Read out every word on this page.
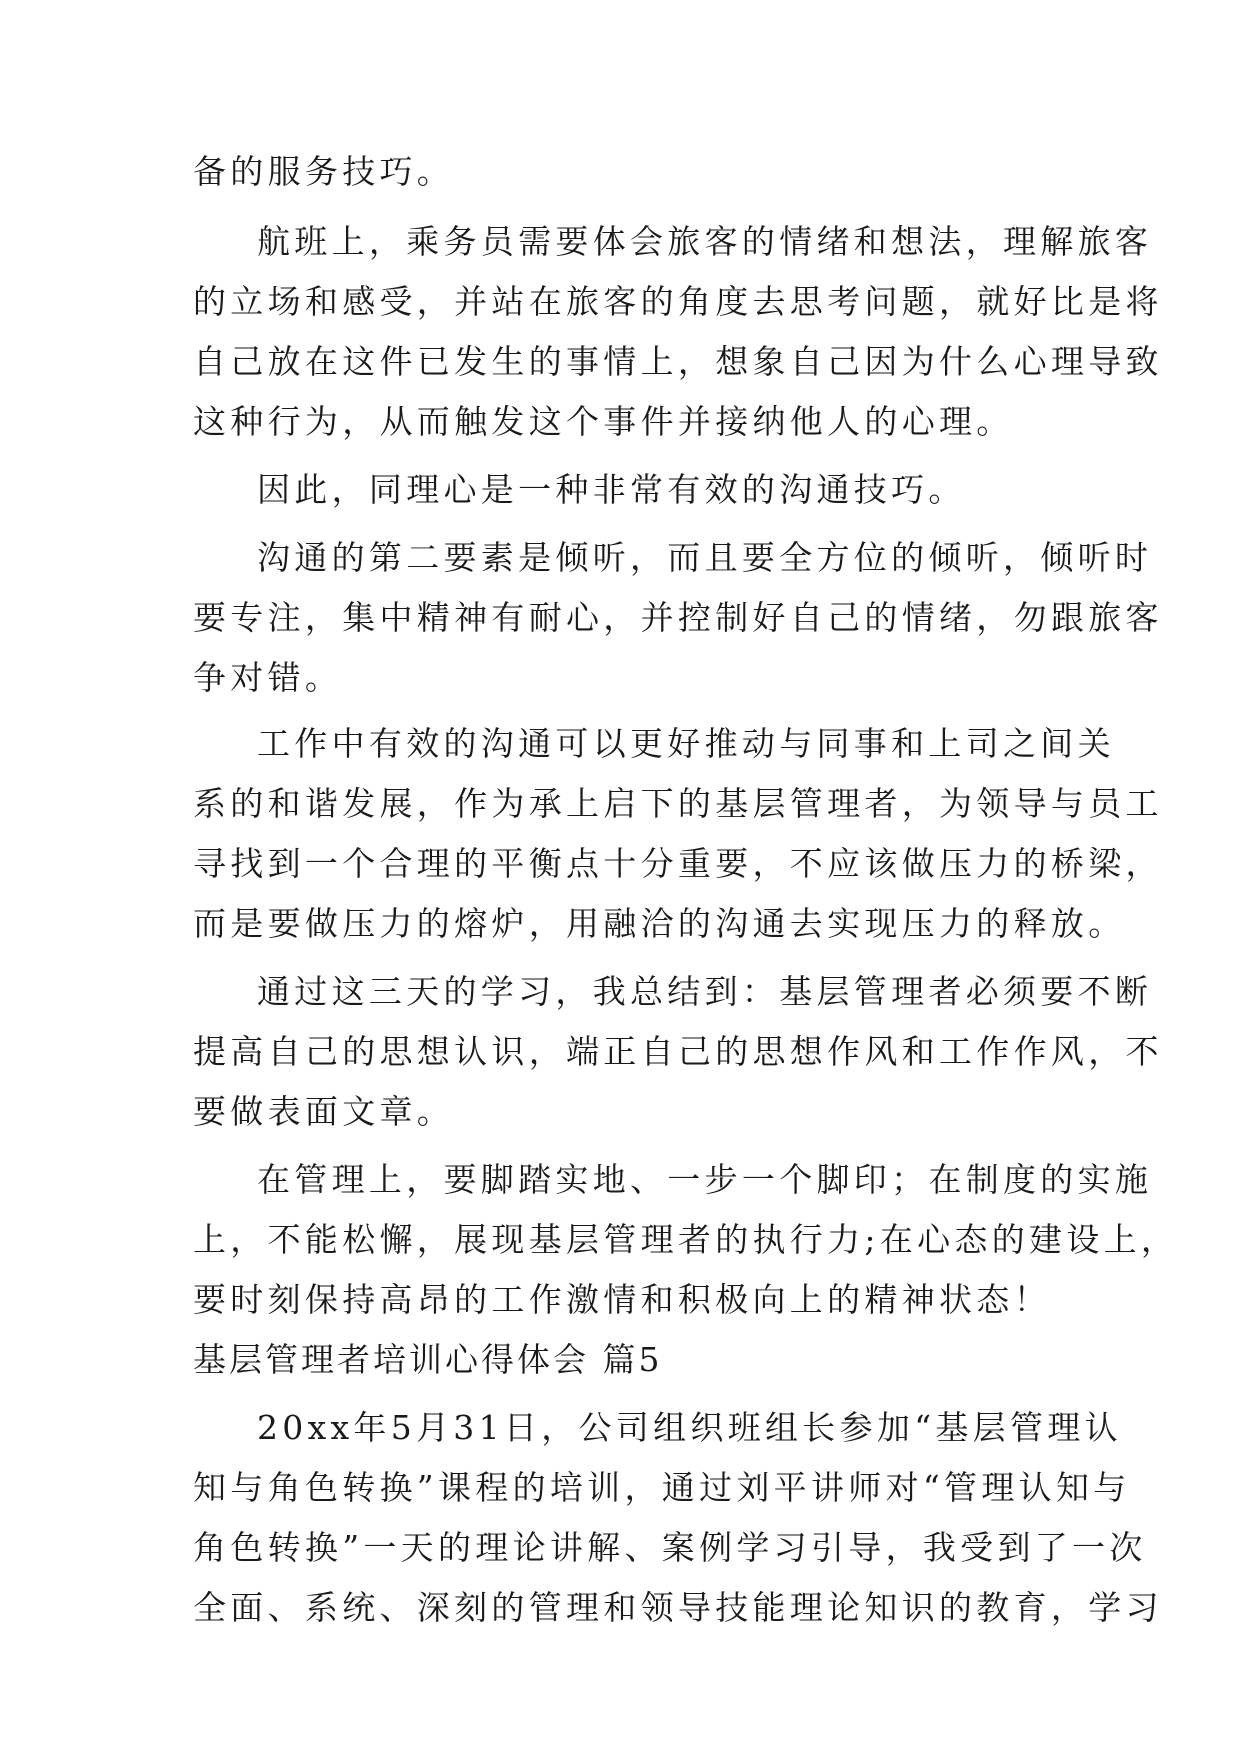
备的服务技巧。
航班上，乘务员需要体会旅客的情绪和想法，理解旅客
的立场和感受，并站在旅客的角度去思考问题，就好比是将
自己放在这件已发生的事情上，想象自己因为什么心理导致
这种行为，从而触发这个事件并接纳他人的心理。
因此，同理心是一种非常有效的沟通技巧。
沟通的第二要素是倾听，而且要全方位的倾听，倾听时
要专注，集中精神有耐心，并控制好自己的情绪，勿跟旅客
争对错。
工作中有效的沟通可以更好推动与同事和上司之间关
系的和谐发展，作为承上启下的基层管理者，为领导与员工
寻找到一个合理的平衡点十分重要，不应该做压力的桥梁，
而是要做压力的熔炉，用融洽的沟通去实现压力的释放。
通过这三天的学习，我总结到：基层管理者必须要不断
提高自己的思想认识，端正自己的思想作风和工作作风，不
要做表面文章。
在管理上，要脚踏实地、一步一个脚印；在制度的实施
上，不能松懈，展现基层管理者的执行力;在心态的建设上，
要时刻保持高昂的工作激情和积极向上的精神状态！
基层管理者培训心得体会 篇5
20xx年5月31日，公司组织班组长参加“基层管理认
知与角色转换”课程的培训，通过刘平讲师对“管理认知与
角色转换”一天的理论讲解、案例学习引导，我受到了一次
全面、系统、深刻的管理和领导技能理论知识的教育，学习
